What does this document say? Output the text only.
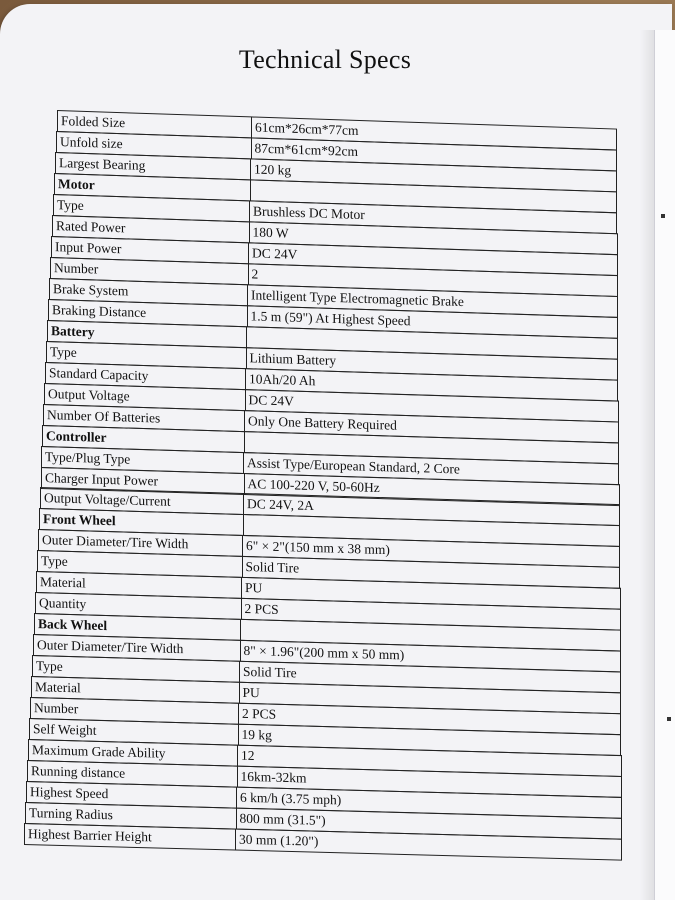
Technical Specs
Folded Size	61cm*26cm*77cm
Unfold size	87cm*61cm*92cm
Largest Bearing	120 kg
Motor
Type	Brushless DC Motor
Rated Power	180 W
Input Power	DC 24V
Number	2
Brake System	Intelligent Type Electromagnetic Brake
Braking Distance	1.5 m (59") At Highest Speed
Battery
Type	Lithium Battery
Standard Capacity	10Ah/20 Ah
Output Voltage	DC 24V
Number Of Batteries	Only One Battery Required
Controller
Type/Plug Type	Assist Type/European Standard, 2 Core
Charger Input Power	AC 100-220 V, 50-60Hz
Output Voltage/Current	DC 24V, 2A
Front Wheel
Outer Diameter/Tire Width	6" × 2"(150 mm x 38 mm)
Type	Solid Tire
Material	PU
Quantity	2 PCS
Back Wheel
Outer Diameter/Tire Width	8" × 1.96"(200 mm x 50 mm)
Type	Solid Tire
Material	PU
Number	2 PCS
Self Weight	19 kg
Maximum Grade Ability	12
Running distance	16km-32km
Highest Speed	6 km/h (3.75 mph)
Turning Radius	800 mm (31.5")
Highest Barrier Height	30 mm (1.20")
